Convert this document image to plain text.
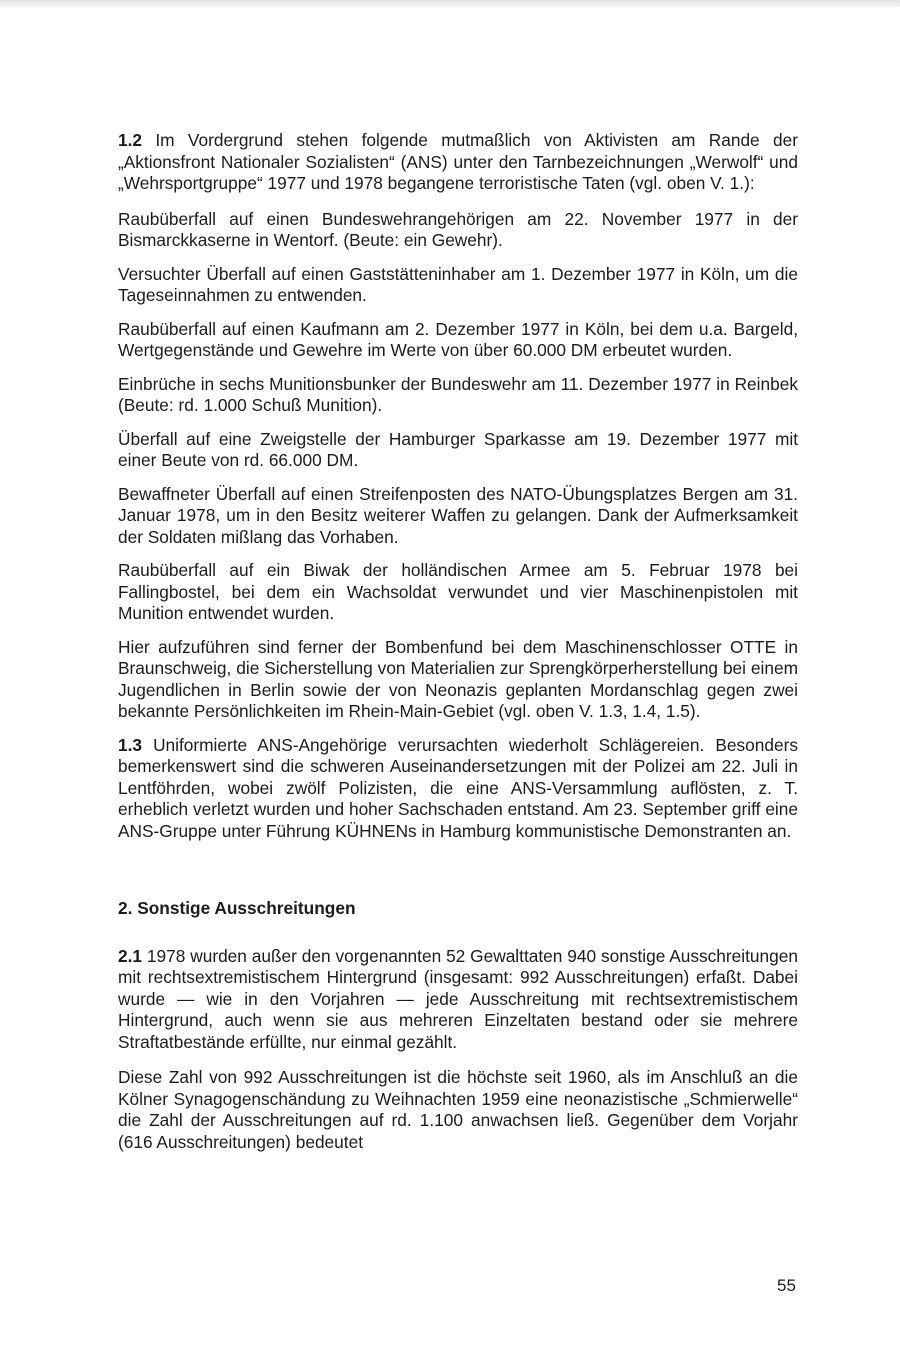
1.2 Im Vordergrund stehen folgende mutmaßlich von Aktivisten am Rande der „Aktionsfront Nationaler Sozialisten“ (ANS) unter den Tarnbezeichnungen „Werwolf“ und „Wehrsportgruppe“ 1977 und 1978 begangene terroristische Taten (vgl. oben V. 1.):

Raubüberfall auf einen Bundeswehrangehörigen am 22. November 1977 in der Bismarckkaserne in Wentorf. (Beute: ein Gewehr).

Versuchter Überfall auf einen Gaststätteninhaber am 1. Dezember 1977 in Köln, um die Tageseinnahmen zu entwenden.

Raubüberfall auf einen Kaufmann am 2. Dezember 1977 in Köln, bei dem u.a. Bargeld, Wertgegenstände und Gewehre im Werte von über 60.000 DM erbeutet wurden.

Einbrüche in sechs Munitionsbunker der Bundeswehr am 11. Dezember 1977 in Reinbek (Beute: rd. 1.000 Schuß Munition).

Überfall auf eine Zweigstelle der Hamburger Sparkasse am 19. Dezember 1977 mit einer Beute von rd. 66.000 DM.

Bewaffneter Überfall auf einen Streifenposten des NATO-Übungsplatzes Bergen am 31. Januar 1978, um in den Besitz weiterer Waffen zu gelangen. Dank der Aufmerksamkeit der Soldaten mißlang das Vorhaben.

Raubüberfall auf ein Biwak der holländischen Armee am 5. Februar 1978 bei Fallingbostel, bei dem ein Wachsoldat verwundet und vier Maschinenpistolen mit Munition entwendet wurden.

Hier aufzuführen sind ferner der Bombenfund bei dem Maschinenschlosser OTTE in Braunschweig, die Sicherstellung von Materialien zur Sprengkörperherstellung bei einem Jugendlichen in Berlin sowie der von Neonazis geplanten Mordanschlag gegen zwei bekannte Persönlichkeiten im Rhein-Main-Gebiet (vgl. oben V. 1.3, 1.4, 1.5).

1.3 Uniformierte ANS-Angehörige verursachten wiederholt Schlägereien. Besonders bemerkenswert sind die schweren Auseinandersetzungen mit der Polizei am 22. Juli in Lentföhrden, wobei zwölf Polizisten, die eine ANS-Versammlung auflösten, z. T. erheblich verletzt wurden und hoher Sachschaden entstand. Am 23. September griff eine ANS-Gruppe unter Führung KÜHNENs in Hamburg kommunistische Demonstranten an.

2. Sonstige Ausschreitungen

2.1 1978 wurden außer den vorgenannten 52 Gewalttaten 940 sonstige Ausschreitungen mit rechtsextremistischem Hintergrund (insgesamt: 992 Ausschreitungen) erfaßt. Dabei wurde — wie in den Vorjahren — jede Ausschreitung mit rechtsextremistischem Hintergrund, auch wenn sie aus mehreren Einzeltaten bestand oder sie mehrere Straftatbestände erfüllte, nur einmal gezählt.

Diese Zahl von 992 Ausschreitungen ist die höchste seit 1960, als im Anschluß an die Kölner Synagogenschändung zu Weihnachten 1959 eine neonazistische „Schmierwelle“ die Zahl der Ausschreitungen auf rd. 1.100 anwachsen ließ. Gegenüber dem Vorjahr (616 Ausschreitungen) bedeutet

55
